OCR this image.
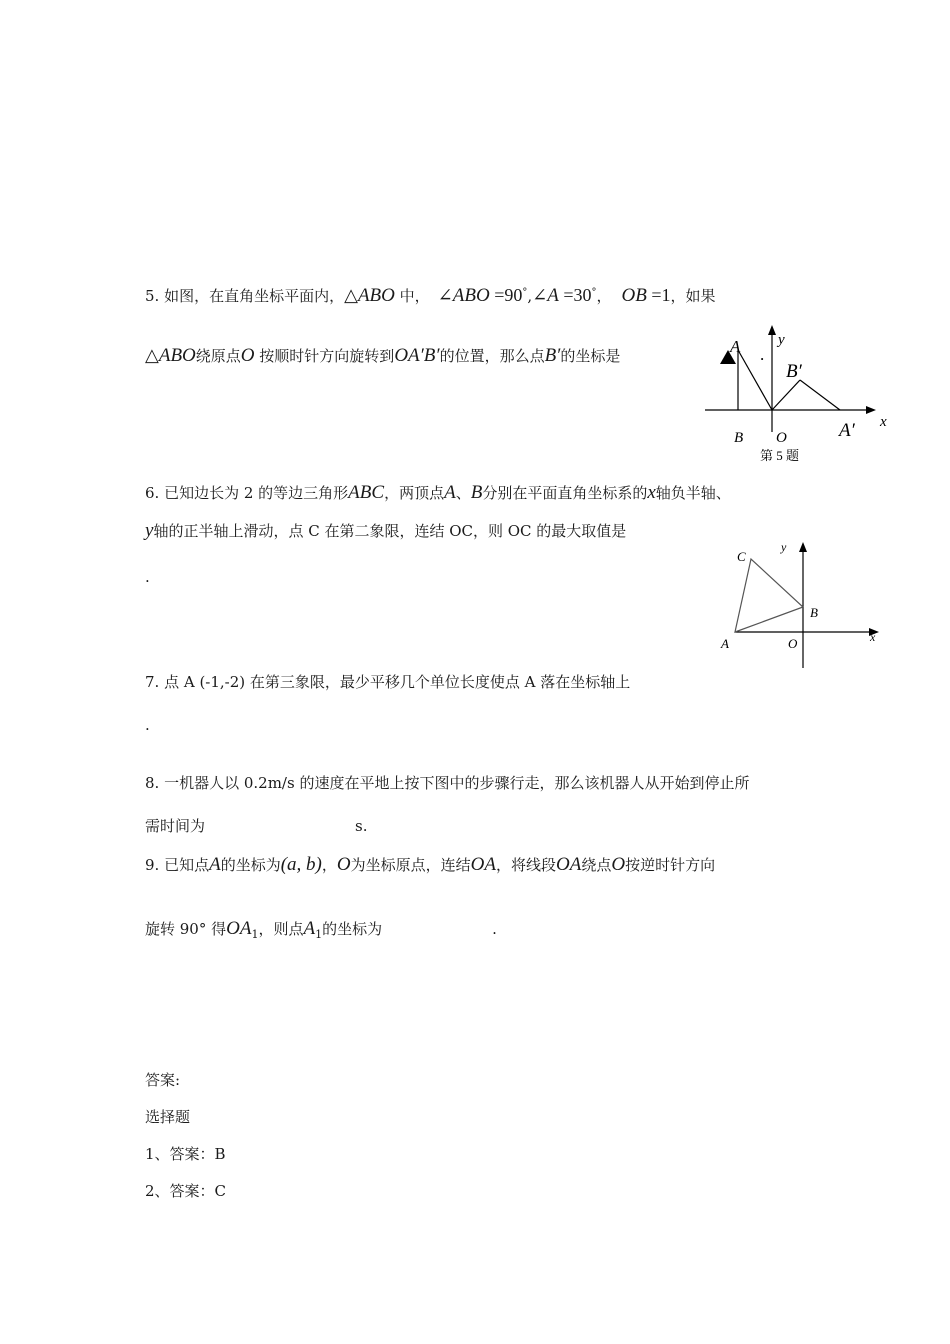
5. 如图，在直角坐标平面内，△ABO 中， ∠ABO =90°,∠A =30°， OB =1，如果
△ABO绕原点O 按顺时针方向旋转到OA′B′的位置，那么点B′的坐标是	A .
y
B′
x
B O	A′
第 5 题
6. 已知边长为 2 的等边三角形ABC，两顶点A、B分别在平面直角坐标系的x轴负半轴、
y轴的正半轴上滑动，点 C 在第二象限，连结 OC，则 OC 的最大取值是
.
C
y
B
A	O	x
7. 点 A (-1,-2) 在第三象限，最少平移几个单位长度使点 A 落在坐标轴上
.
8. 一机器人以 0.2m/s 的速度在平地上按下图中的步骤行走，那么该机器人从开始到停止所
需时间为	s.
9. 已知点A的坐标为(a, b)，O为坐标原点，连结OA，将线段OA绕点O按逆时针方向
旋转 90° 得$OA_1$，则点$A_1$的坐标为	.
答案:
选择题
1、答案：B
2、答案：C
